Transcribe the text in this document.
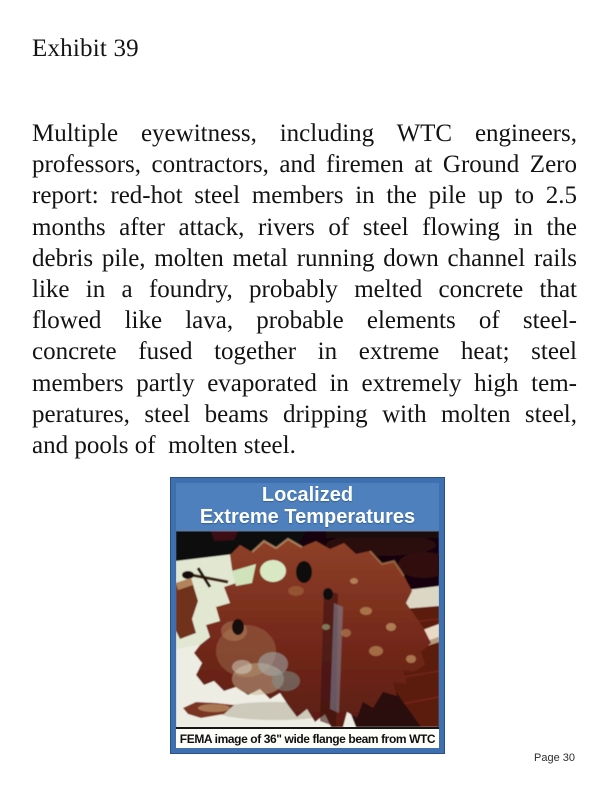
Exhibit 39
Multiple eyewitness, including WTC engineers,
professors, contractors, and firemen at Ground Zero
report: red-hot steel members in the pile up to 2.5
months after attack, rivers of steel flowing in the
debris pile, molten metal running down channel rails
like in a foundry, probably melted concrete that
flowed like lava, probable elements of steel-
concrete fused together in extreme heat; steel
members partly evaporated in extremely high tem-
peratures, steel beams dripping with molten steel,
and pools of  molten steel.
Localized
Extreme Temperatures
FEMA image of 36" wide flange beam from WTC
Page 30
